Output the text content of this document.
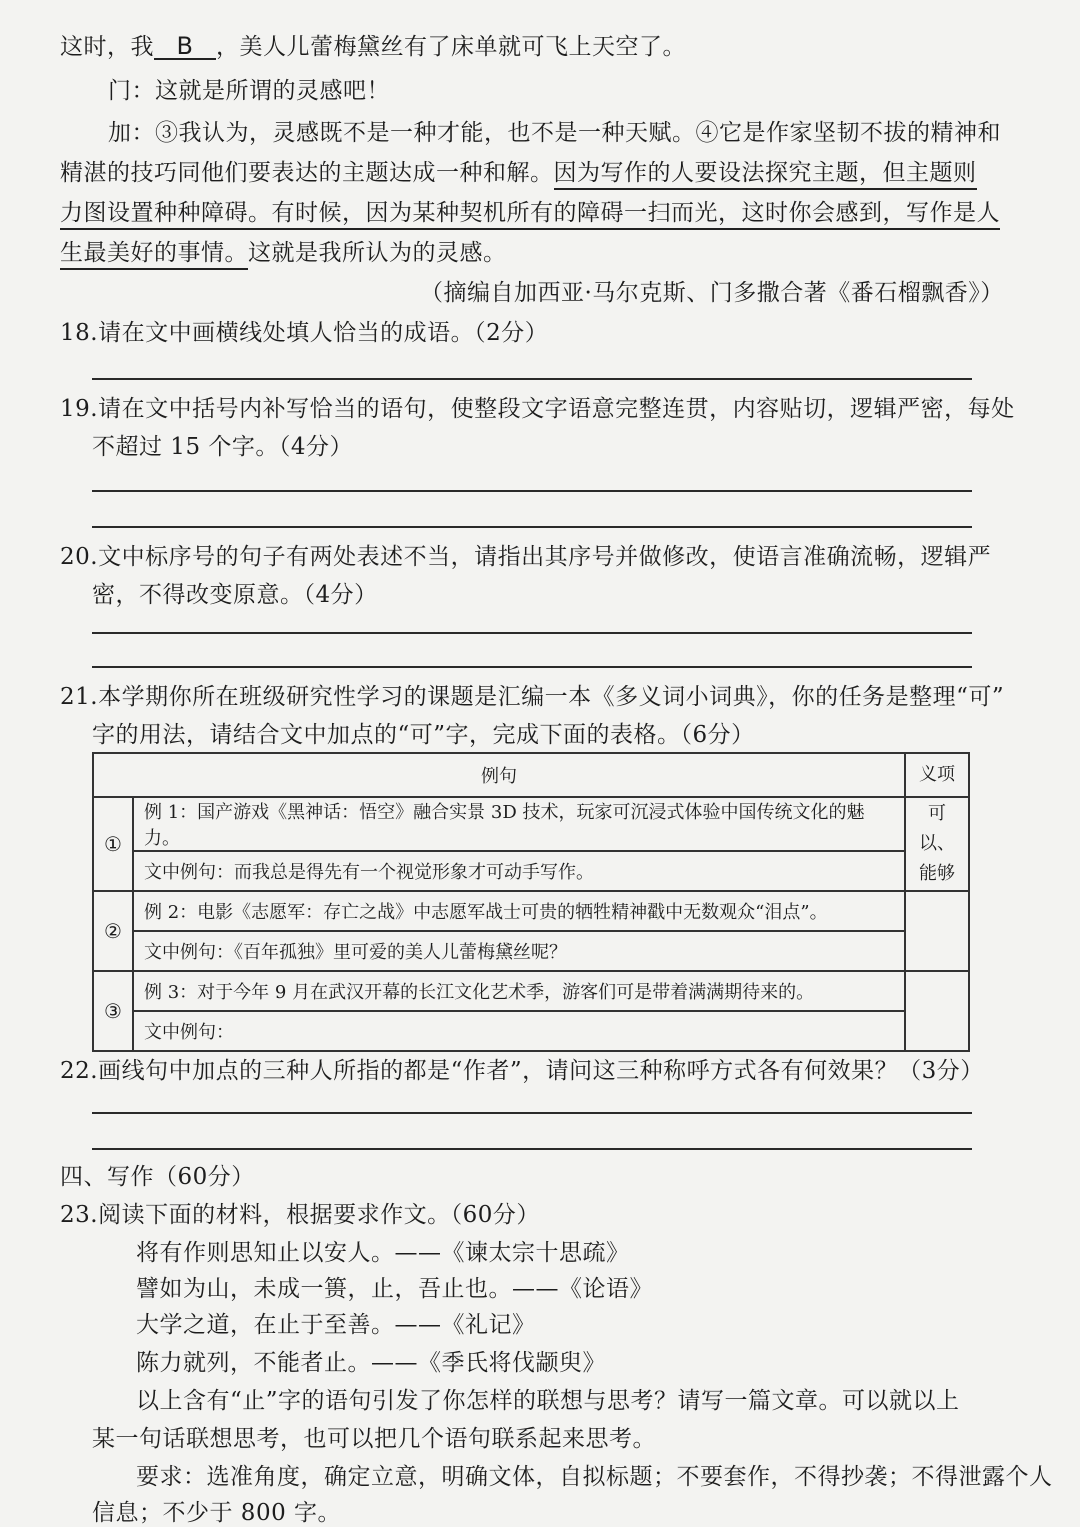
这时，我 B ，美人儿蕾梅黛丝有了床单就可飞上天空了。
门：这就是所谓的灵感吧！
加：③我认为，灵感既不是一种才能，也不是一种天赋。④它是作家坚韧不拔的精神和
精湛的技巧同他们要表达的主题达成一种和解。因为写作的人要设法探究主题，但主题则
力图设置种种障碍。有时候，因为某种契机所有的障碍一扫而光，这时你会感到，写作是人
生最美好的事情。这就是我所认为的灵感。
（摘编自加西亚·马尔克斯、门多撒合著《番石榴飘香》）
18.请在文中画横线处填人恰当的成语。（2分）
19.请在文中括号内补写恰当的语句，使整段文字语意完整连贯，内容贴切，逻辑严密，每处
不超过 15 个字。（4分）
20.文中标序号的句子有两处表述不当，请指出其序号并做修改，使语言准确流畅，逻辑严
密，不得改变原意。（4分）
21.本学期你所在班级研究性学习的课题是汇编一本《多义词小词典》，你的任务是整理“可”
字的用法，请结合文中加点的“可”字，完成下面的表格。（6分）
例句		义项
①	例 1：国产游戏《黑神话：悟空》融合实景 3D 技术，玩家可沉浸式体验中国传统文化的魅力。	可以、
能够

	文中例句：而我总是得先有一个视觉形象才可动手写作。	
②	例 2：电影《志愿军：存亡之战》中志愿军战士可贵的牺牲精神戳中无数观众“泪点”。	
	文中例句：《百年孤独》里可爱的美人儿蕾梅黛丝呢？	
③	例 3：对于今年 9 月在武汉开幕的长江文化艺术季，游客们可是带着满满期待来的。	
	文中例句：	
22.画线句中加点的三种人所指的都是“作者”，请问这三种称呼方式各有何效果？（3分）
四、写作（60分）
23.阅读下面的材料，根据要求作文。（60分）
将有作则思知止以安人。——《谏太宗十思疏》
譬如为山，未成一篑，止，吾止也。——《论语》
大学之道，在止于至善。——《礼记》
陈力就列，不能者止。——《季氏将伐颛臾》
以上含有“止”字的语句引发了你怎样的联想与思考？请写一篇文章。可以就以上
某一句话联想思考，也可以把几个语句联系起来思考。
要求：选准角度，确定立意，明确文体，自拟标题；不要套作，不得抄袭；不得泄露个人
信息；不少于 800 字。
